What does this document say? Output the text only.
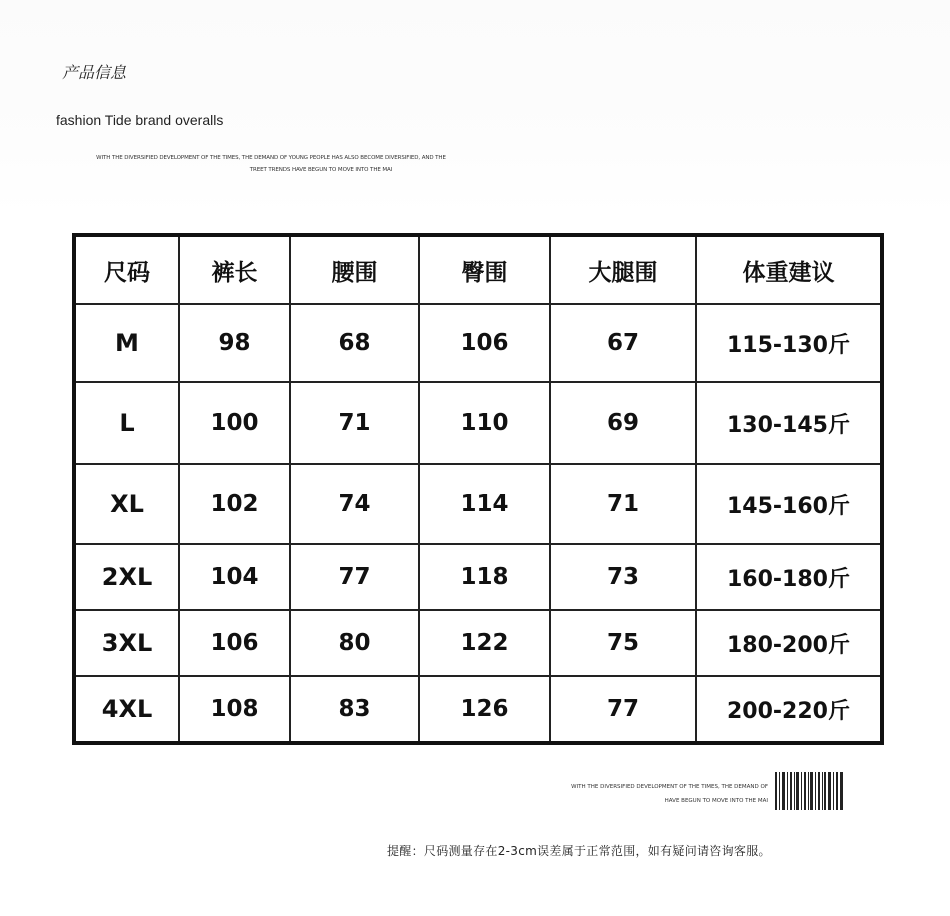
产品信息
fashion Tide brand overalls
WITH THE DIVERSIFIED DEVELOPMENT OF THE TIMES, THE DEMAND OF YOUNG PEOPLE HAS ALSO BECOME DIVERSIFIED, AND THE
TREET TRENDS HAVE BEGUN TO MOVE INTO THE MAI
尺码	裤长	腰围	臀围	大腿围	体重建议
M	98	68	106	67	115-130斤
L	100	71	110	69	130-145斤
XL	102	74	114	71	145-160斤
2XL	104	77	118	73	160-180斤
3XL	106	80	122	75	180-200斤
4XL	108	83	126	77	200-220斤
WITH THE DIVERSIFIED DEVELOPMENT OF THE TIMES, THE DEMAND OF
HAVE BEGUN TO MOVE INTO THE MAI
提醒：尺码测量存在2-3cm误差属于正常范围，如有疑问请咨询客服。
